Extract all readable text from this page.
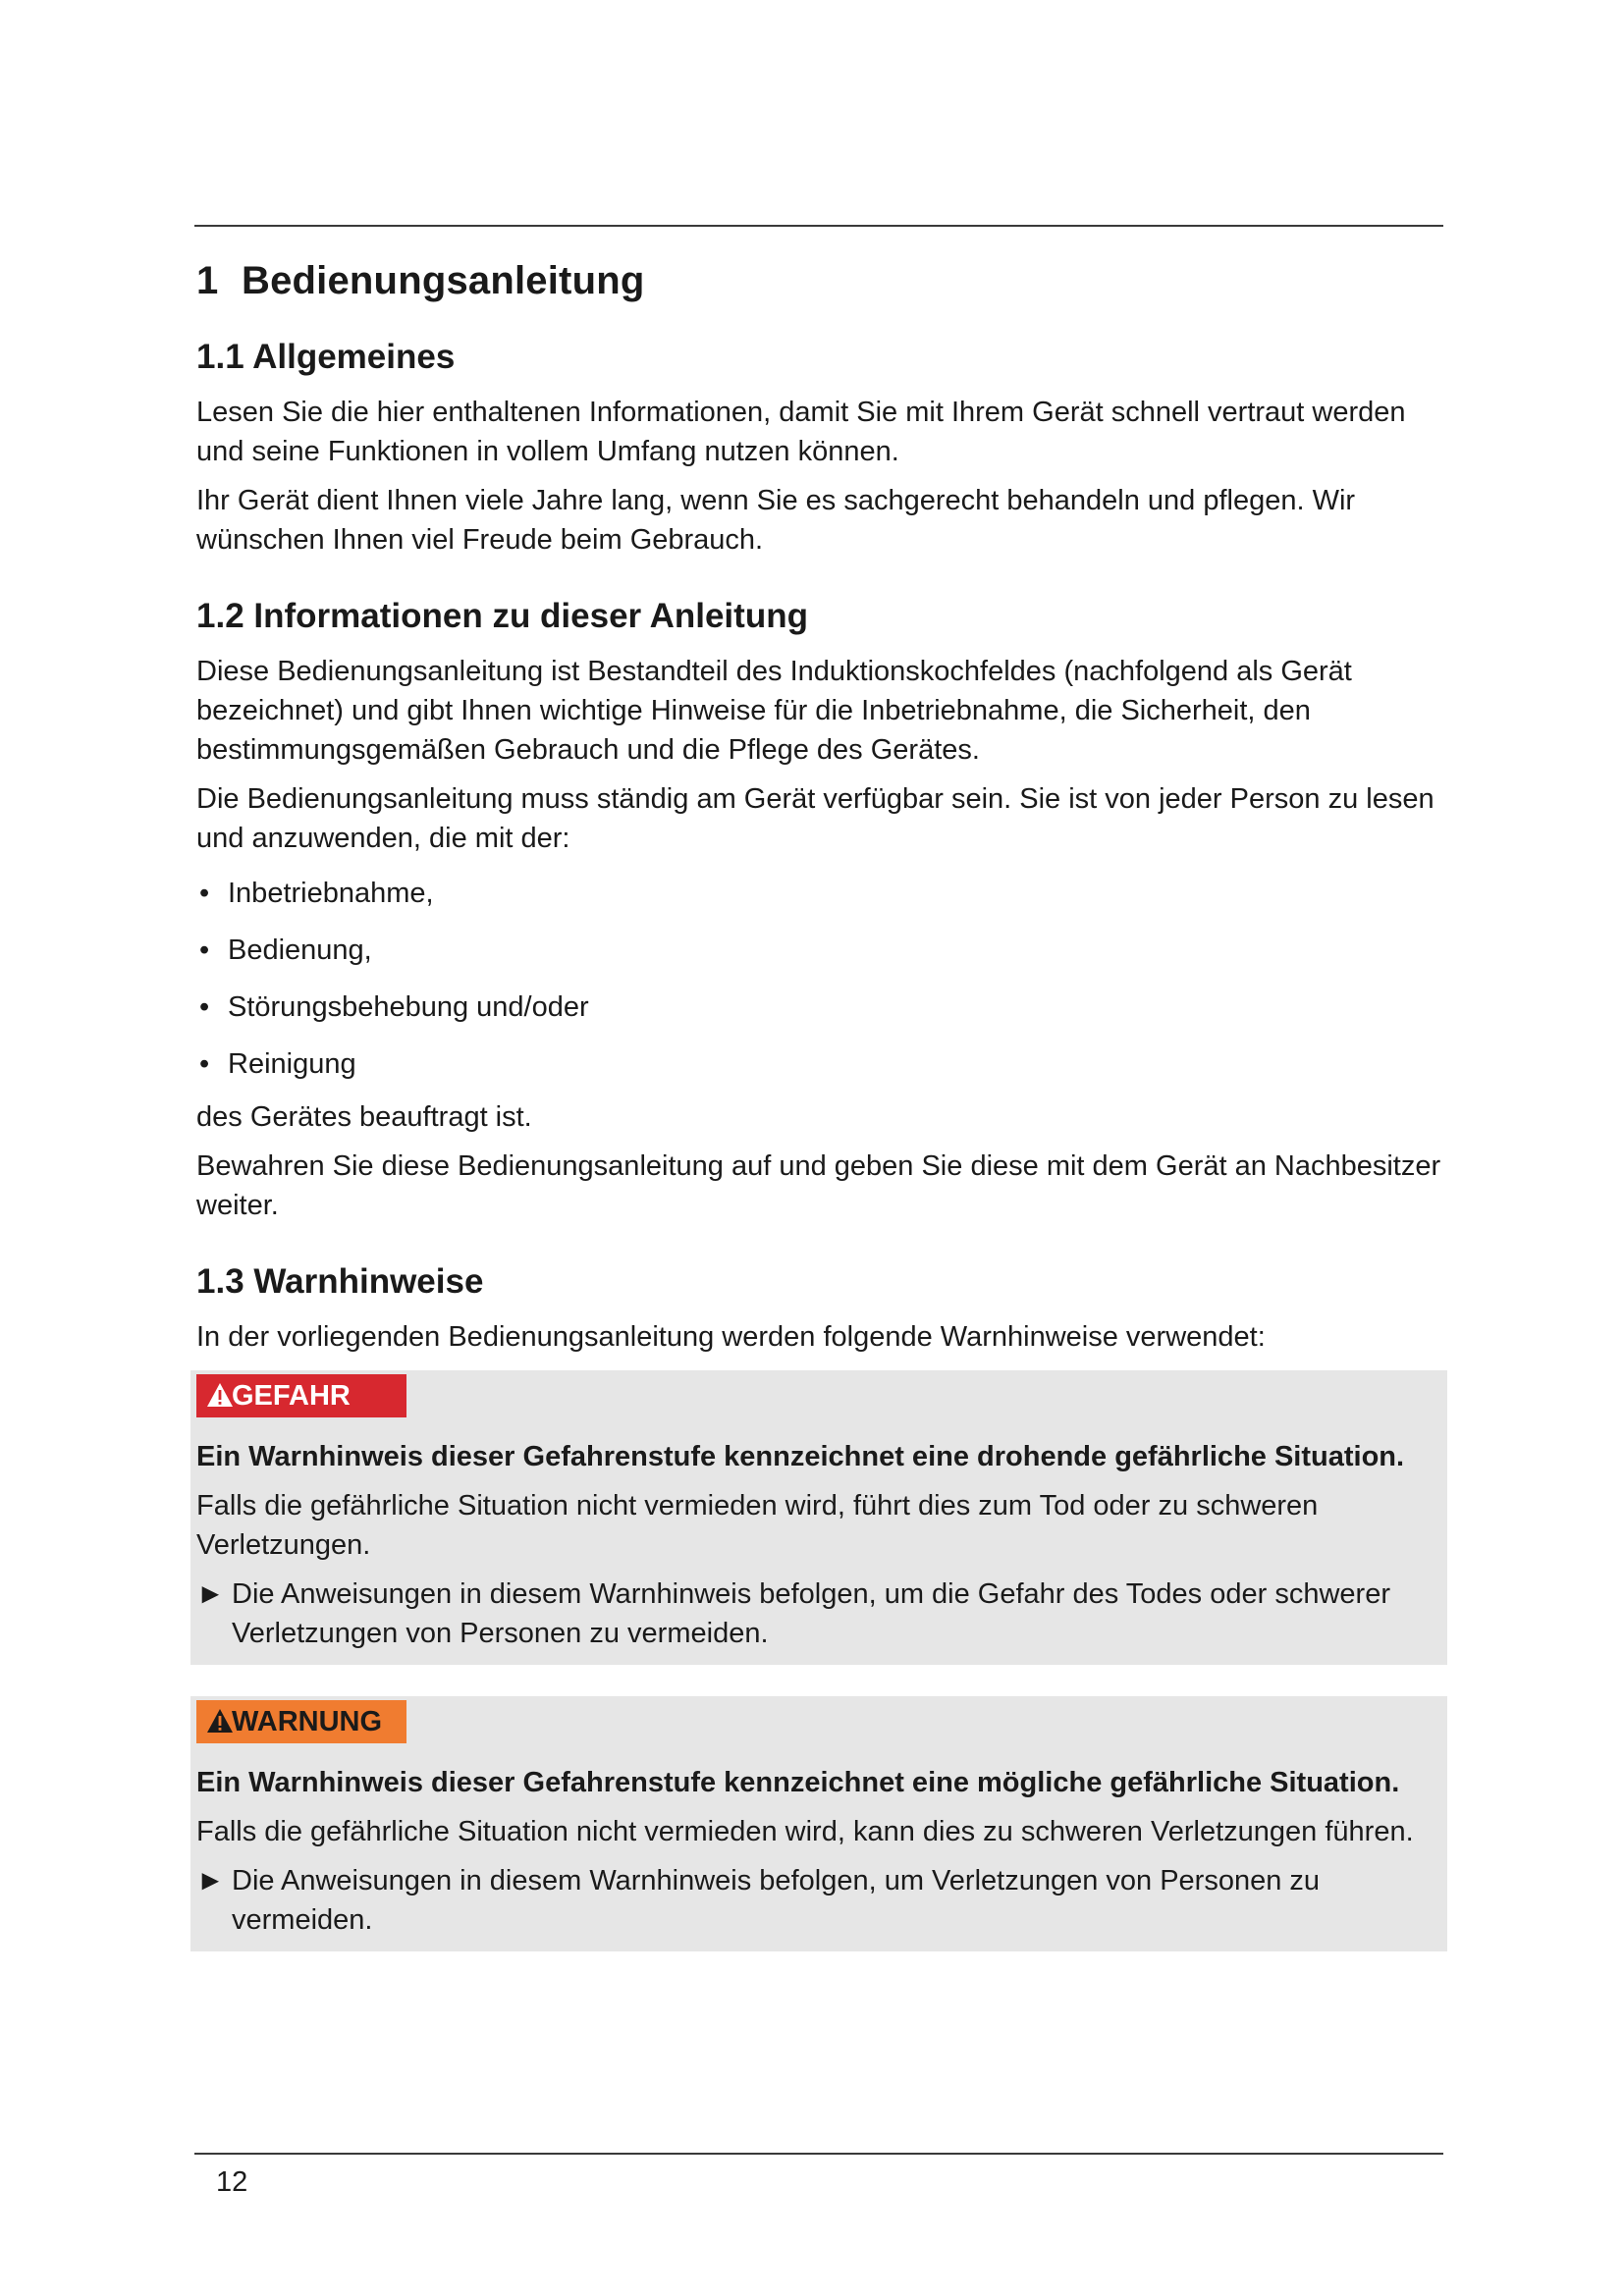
1 Bedienungsanleitung
1.1 Allgemeines

Lesen Sie die hier enthaltenen Informationen, damit Sie mit Ihrem Gerät schnell vertraut werden und seine Funktionen in vollem Umfang nutzen können.

Ihr Gerät dient Ihnen viele Jahre lang, wenn Sie es sachgerecht behandeln und pflegen. Wir wünschen Ihnen viel Freude beim Gebrauch.

1.2 Informationen zu dieser Anleitung

Diese Bedienungsanleitung ist Bestandteil des Induktionskochfeldes (nachfolgend als Gerät bezeichnet) und gibt Ihnen wichtige Hinweise für die Inbetriebnahme, die Sicherheit, den bestimmungsgemäßen Gebrauch und die Pflege des Gerätes.

Die Bedienungsanleitung muss ständig am Gerät verfügbar sein. Sie ist von jeder Person zu lesen und anzuwenden, die mit der:

• Inbetriebnahme,
• Bedienung,
• Störungsbehebung und/oder
• Reinigung

des Gerätes beauftragt ist.

Bewahren Sie diese Bedienungsanleitung auf und geben Sie diese mit dem Gerät an Nachbesitzer weiter.

1.3 Warnhinweise

In der vorliegenden Bedienungsanleitung werden folgende Warnhinweise verwendet:

GEFAHR

Ein Warnhinweis dieser Gefahrenstufe kennzeichnet eine drohende gefährliche Situation.

Falls die gefährliche Situation nicht vermieden wird, führt dies zum Tod oder zu schweren Verletzungen.

► Die Anweisungen in diesem Warnhinweis befolgen, um die Gefahr des Todes oder schwerer Verletzungen von Personen zu vermeiden.

WARNUNG

Ein Warnhinweis dieser Gefahrenstufe kennzeichnet eine mögliche gefährliche Situation.

Falls die gefährliche Situation nicht vermieden wird, kann dies zu schweren Verletzungen führen.

► Die Anweisungen in diesem Warnhinweis befolgen, um Verletzungen von Personen zu vermeiden.

12
